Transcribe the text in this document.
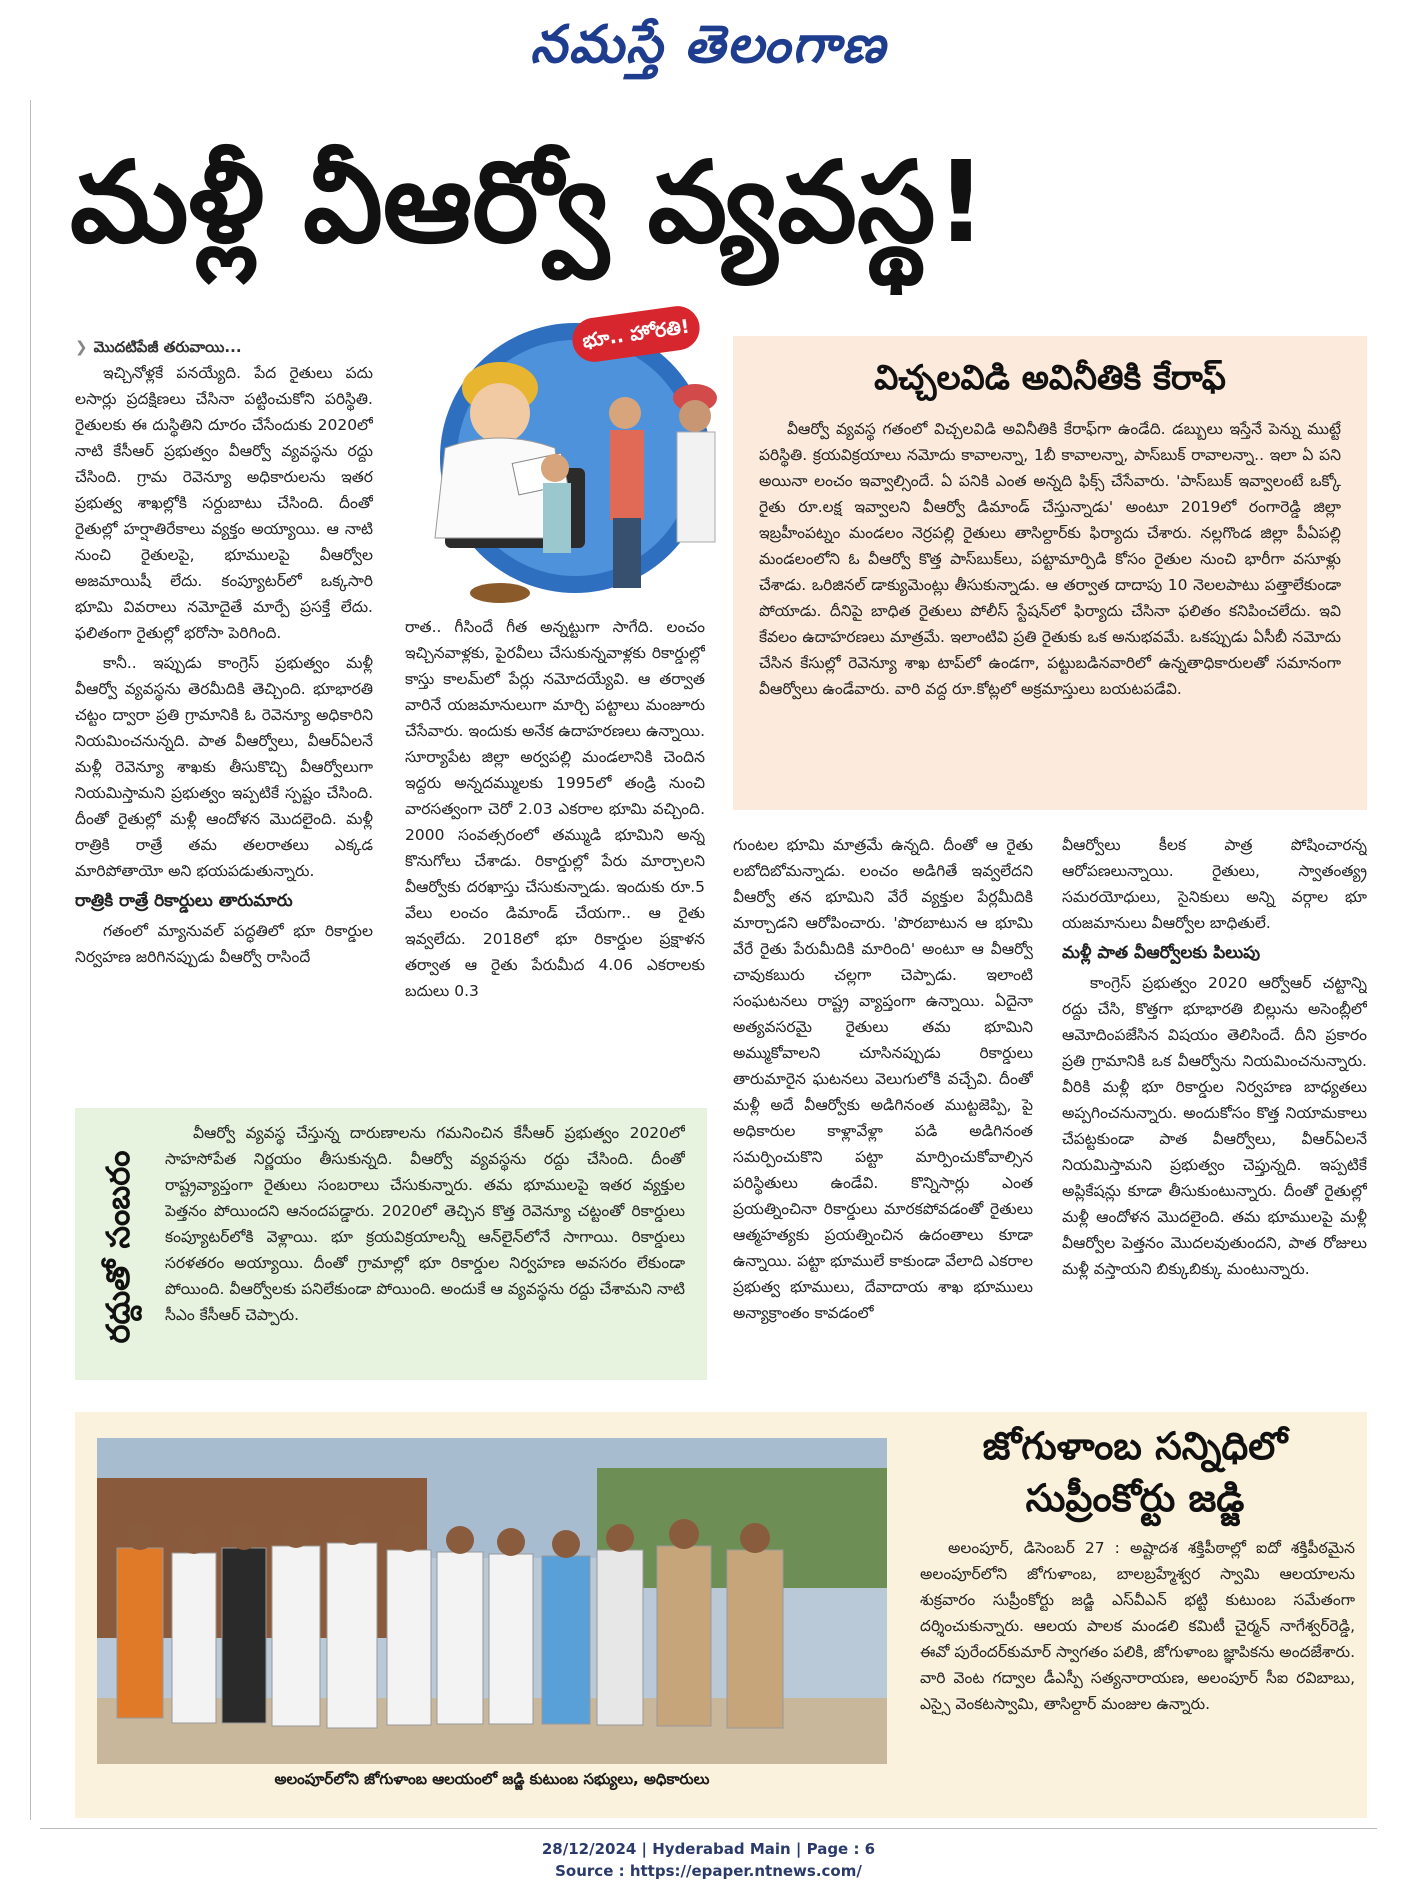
నమస్తే తెలంగాణ
మళ్లీ వీఆర్వో వ్యవస్థ!
❯ మొదటిపేజీ తరువాయి...

ఇచ్చినోళ్లకే పనయ్యేది. పేద రైతులు పదు లసార్లు ప్రదక్షిణలు చేసినా పట్టించుకోని పరిస్థితి. రైతులకు ఈ దుస్థితిని దూరం చేసేందుకు 2020లో నాటి కేసీఆర్ ప్రభుత్వం వీఆర్వో వ్యవస్థను రద్దు చేసింది. గ్రామ రెవెన్యూ అధికారులను ఇతర ప్రభుత్వ శాఖల్లోకి సర్దుబాటు చేసింది. దీంతో రైతుల్లో హర్షాతిరేకాలు వ్యక్తం అయ్యాయి. ఆ నాటి నుంచి రైతులపై, భూములపై వీఆర్వోల అజమాయిషీ లేదు. కంప్యూటర్‌లో ఒక్కసారి భూమి వివరాలు నమోదైతే మార్పే ప్రసక్తే లేదు. ఫలితంగా రైతుల్లో భరోసా పెరిగింది.

కానీ.. ఇప్పుడు కాంగ్రెస్ ప్రభుత్వం మళ్లీ వీఆర్వో వ్యవస్థను తెరమీదికి తెచ్చింది. భూభారతి చట్టం ద్వారా ప్రతి గ్రామానికి ఓ రెవెన్యూ అధికారిని నియమించనున్నది. పాత వీఆర్వోలు, వీఆర్‌ఏలనే మళ్లీ రెవెన్యూ శాఖకు తీసుకొచ్చి వీఆర్వోలుగా నియమిస్తామని ప్రభుత్వం ఇప్పటికే స్పష్టం చేసింది. దీంతో రైతుల్లో మళ్లీ ఆందోళన మొదలైంది. మళ్లీ రాత్రికి రాత్రే తమ తలరాతలు ఎక్కడ మారిపోతాయో అని భయపడుతున్నారు.

రాత్రికి రాత్రే రికార్డులు తారుమారు

గతంలో మ్యానువల్ పద్ధతిలో భూ రికార్డుల నిర్వహణ జరిగినప్పుడు వీఆర్వో రాసిందే

భూ.. హోరతి!

రాత.. గీసిందే గీత అన్నట్టుగా సాగేది. లంచం ఇచ్చినవాళ్లకు, పైరవీలు చేసుకున్నవాళ్లకు రికార్డుల్లో కాస్తు కాలమ్‌లో పేర్లు నమోదయ్యేవి. ఆ తర్వాత వారినే యజమానులుగా మార్చి పట్టాలు మంజూరు చేసేవారు. ఇందుకు అనేక ఉదాహరణలు ఉన్నాయి. సూర్యాపేట జిల్లా అర్వపల్లి మండలానికి చెందిన ఇద్దరు అన్నదమ్ములకు 1995లో తండ్రి నుంచి వారసత్వంగా చెరో 2.03 ఎకరాల భూమి వచ్చింది. 2000 సంవత్సరంలో తమ్ముడి భూమిని అన్న కొనుగోలు చేశాడు. రికార్డుల్లో పేరు మార్చాలని వీఆర్వోకు దరఖాస్తు చేసుకున్నాడు. ఇందుకు రూ.5 వేలు లంచం డిమాండ్ చేయగా.. ఆ రైతు ఇవ్వలేదు. 2018లో భూ రికార్డుల ప్రక్షాళన తర్వాత ఆ రైతు పేరుమీద 4.06 ఎకరాలకు బదులు 0.3

విచ్చలవిడి అవినీతికి కేరాఫ్

వీఆర్వో వ్యవస్థ గతంలో విచ్చలవిడి అవినీతికి కేరాఫ్‌గా ఉండేది. డబ్బులు ఇస్తేనే పెన్ను ముట్టే పరిస్థితి. క్రయవిక్రయాలు నమోదు కావాలన్నా, 1బీ కావాలన్నా, పాస్‌బుక్ రావాలన్నా.. ఇలా ఏ పని అయినా లంచం ఇవ్వాల్సిందే. ఏ పనికి ఎంత అన్నది ఫిక్స్ చేసేవారు. 'పాస్‌బుక్ ఇవ్వాలంటే ఒక్కో రైతు రూ.లక్ష ఇవ్వాలని వీఆర్వో డిమాండ్ చేస్తున్నాడు' అంటూ 2019లో రంగారెడ్డి జిల్లా ఇబ్రహీంపట్నం మండలం నెర్రపల్లి రైతులు తాసిల్దార్‌కు ఫిర్యాదు చేశారు. నల్లగొండ జిల్లా పీఏపల్లి మండలంలోని ఓ వీఆర్వో కొత్త పాస్‌బుక్‌లు, పట్టామార్పిడి కోసం రైతుల నుంచి భారీగా వసూళ్లు చేశాడు. ఒరిజినల్ డాక్యుమెంట్లు తీసుకున్నాడు. ఆ తర్వాత దాదాపు 10 నెలలపాటు పత్తాలేకుండా పోయాడు. దీనిపై బాధిత రైతులు పోలీస్ స్టేషన్‌లో ఫిర్యాదు చేసినా ఫలితం కనిపించలేదు. ఇవి కేవలం ఉదాహరణలు మాత్రమే. ఇలాంటివి ప్రతి రైతుకు ఒక అనుభవమే. ఒకప్పుడు ఏసీబీ నమోదు చేసిన కేసుల్లో రెవెన్యూ శాఖ టాప్‌లో ఉండగా, పట్టుబడినవారిలో ఉన్నతాధికారులతో సమానంగా వీఆర్వోలు ఉండేవారు. వారి వద్ద రూ.కోట్లలో అక్రమాస్తులు బయటపడేవి.

గుంటల భూమి మాత్రమే ఉన్నది. దీంతో ఆ రైతు లబోదిబోమన్నాడు. లంచం అడిగితే ఇవ్వలేదని వీఆర్వో తన భూమిని వేరే వ్యక్తుల పేర్లమీదికి మార్చాడని ఆరోపించారు. 'పొరబాటున ఆ భూమి వేరే రైతు పేరుమీదికి మారింది' అంటూ ఆ వీఆర్వో చావుకబురు చల్లగా చెప్పాడు. ఇలాంటి సంఘటనలు రాష్ట్ర వ్యాప్తంగా ఉన్నాయి. ఏదైనా అత్యవసరమై రైతులు తమ భూమిని అమ్ముకోవాలని చూసినప్పుడు రికార్డులు తారుమారైన ఘటనలు వెలుగులోకి వచ్చేవి. దీంతో మళ్లీ అదే వీఆర్వోకు అడిగినంత ముట్టజెప్పి, పై అధికారుల కాళ్లావేళ్లా పడి అడిగినంత సమర్పించుకొని పట్టా మార్పించుకోవాల్సిన పరిస్థితులు ఉండేవి. కొన్నిసార్లు ఎంత ప్రయత్నించినా రికార్డులు మారకపోవడంతో రైతులు ఆత్మహత్యకు ప్రయత్నించిన ఉదంతాలు కూడా ఉన్నాయి. పట్టా భూములే కాకుండా వేలాది ఎకరాల ప్రభుత్వ భూములు, దేవాదాయ శాఖ భూములు అన్యాక్రాంతం కావడంలో

వీఆర్వోలు కీలక పాత్ర పోషించారన్న ఆరోపణలున్నాయి. రైతులు, స్వాతంత్య్ర సమరయోధులు, సైనికులు అన్ని వర్గాల భూ యజమానులు వీఆర్వోల బాధితులే.

మళ్లీ పాత వీఆర్వోలకు పిలుపు

కాంగ్రెస్ ప్రభుత్వం 2020 ఆర్వోఆర్ చట్టాన్ని రద్దు చేసి, కొత్తగా భూభారతి బిల్లును అసెంబ్లీలో ఆమోదింపజేసిన విషయం తెలిసిందే. దీని ప్రకారం ప్రతి గ్రామానికి ఒక వీఆర్వోను నియమించనున్నారు. వీరికి మళ్లీ భూ రికార్డుల నిర్వహణ బాధ్యతలు అప్పగించనున్నారు. అందుకోసం కొత్త నియామకాలు చేపట్టకుండా పాత వీఆర్వోలు, వీఆర్ఏలనే నియమిస్తామని ప్రభుత్వం చెప్తున్నది. ఇప్పటికే అప్లికేషన్లు కూడా తీసుకుంటున్నారు. దీంతో రైతుల్లో మళ్లీ ఆందోళన మొదలైంది. తమ భూములపై మళ్లీ వీఆర్వోల పెత్తనం మొదలవుతుందని, పాత రోజులు మళ్లీ వస్తాయని బిక్కుబిక్కు మంటున్నారు.

వీఆర్వో వ్యవస్థ చేస్తున్న దారుణాలను గమనించిన కేసీఆర్ ప్రభుత్వం 2020లో సాహసోపేత నిర్ణయం తీసుకున్నది. వీఆర్వో వ్యవస్థను రద్దు చేసింది. దీంతో రాష్ట్రవ్యాప్తంగా రైతులు సంబరాలు చేసుకున్నారు. తమ భూములపై ఇతర వ్యక్తుల పెత్తనం పోయిందని ఆనందపడ్డారు. 2020లో తెచ్చిన కొత్త రెవెన్యూ చట్టంతో రికార్డులు కంప్యూటర్‌లోకి వెళ్లాయి. భూ క్రయవిక్రయాలన్నీ ఆన్‌లైన్‌లోనే సాగాయి. రికార్డులు సరళతరం అయ్యాయి. దీంతో గ్రామాల్లో భూ రికార్డుల నిర్వహణ అవసరం లేకుండా పోయింది. వీఆర్వోలకు పనిలేకుండా పోయింది. అందుకే ఆ వ్యవస్థను రద్దు చేశామని నాటి సీఎం కేసీఆర్ చెప్పారు.

రద్దుతో సంబరం
అలంపూర్‌లోని జోగుళాంబ ఆలయంలో జడ్జి కుటుంబ సభ్యులు, అధికారులు
జోగుళాంబ సన్నిధిలో సుప్రీంకోర్టు జడ్జి

అలంపూర్, డిసెంబర్ 27 : అష్టాదశ శక్తిపీఠాల్లో ఐదో శక్తిపీఠమైన అలంపూర్‌లోని జోగుళాంబ, బాలబ్రహ్మేశ్వర స్వామి ఆలయాలను శుక్రవారం సుప్రీంకోర్టు జడ్జి ఎస్‌వీఎన్ భట్టి కుటుంబ సమేతంగా దర్శించుకున్నారు. ఆలయ పాలక మండలి కమిటీ చైర్మన్ నాగేశ్వర్‌రెడ్డి, ఈవో పురేందర్‌కుమార్ స్వాగతం పలికి, జోగుళాంబ జ్ఞాపికను అందజేశారు. వారి వెంట గద్వాల డీఎస్పీ సత్యనారాయణ, అలంపూర్ సీఐ రవిబాబు, ఎస్సై వెంకటస్వామి, తాసిల్దార్ మంజుల ఉన్నారు.

28/12/2024 | Hyderabad Main | Page : 6
Source : https://epaper.ntnews.com/
